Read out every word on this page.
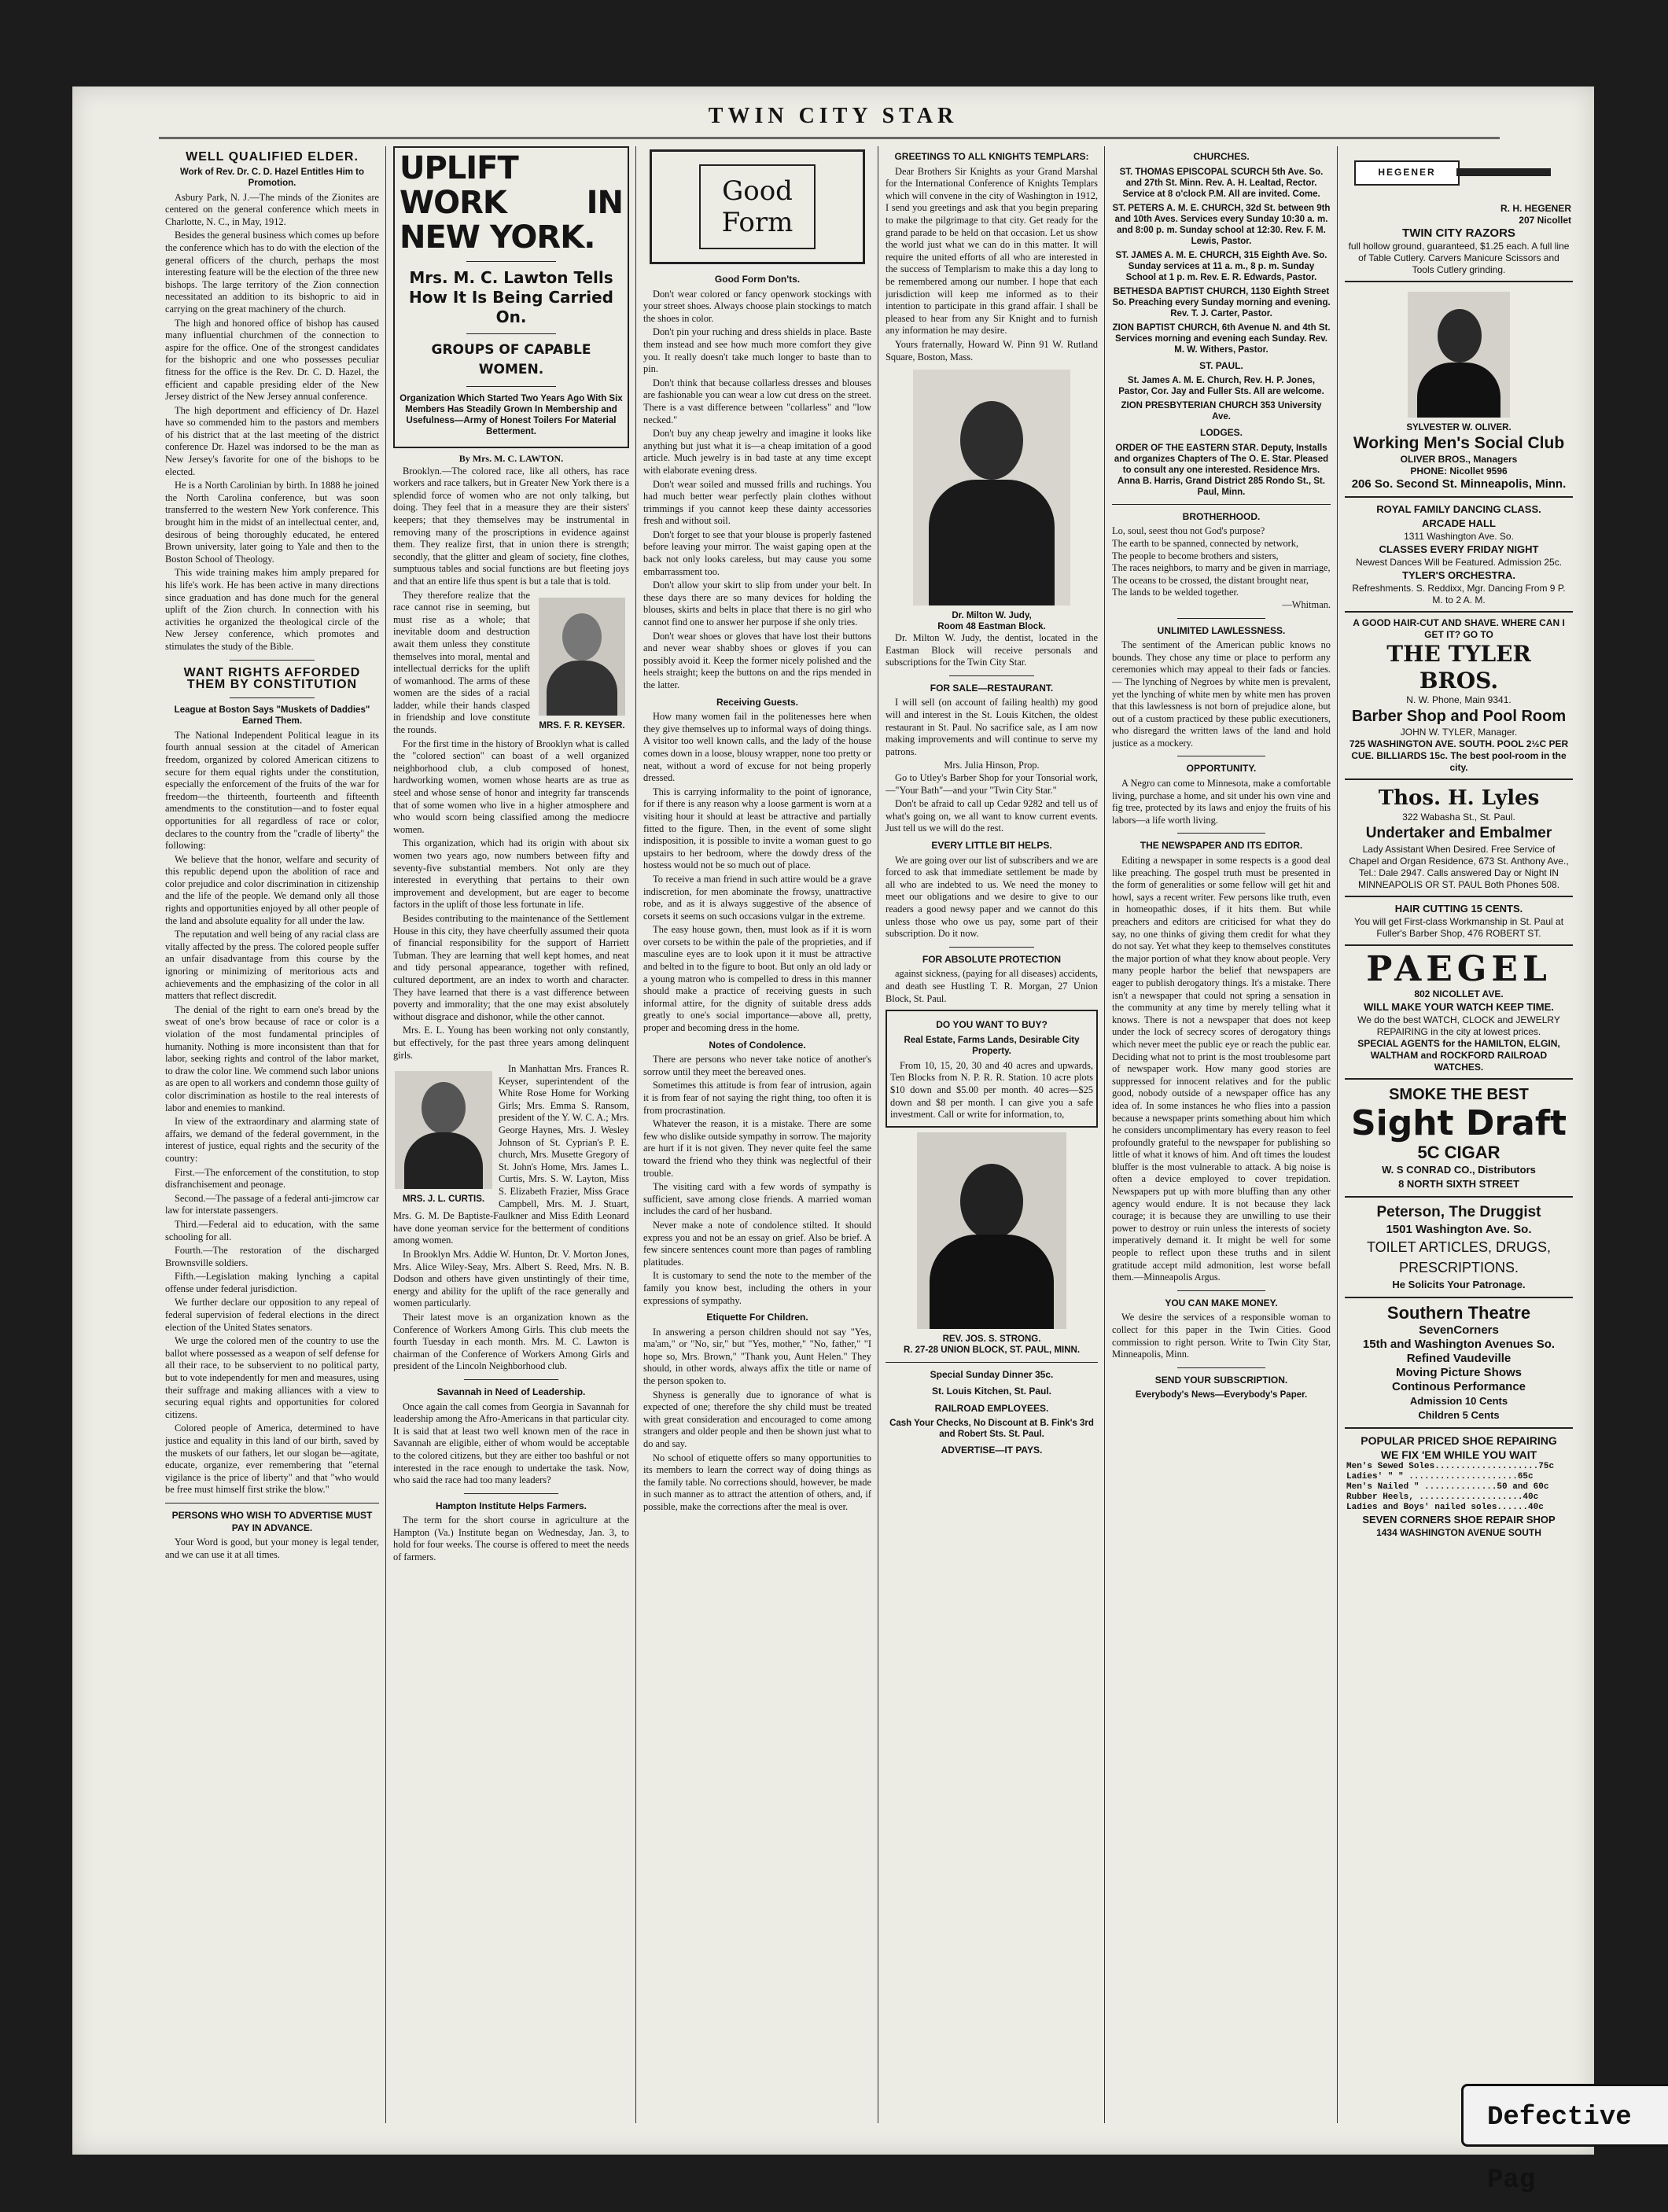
TWIN CITY STAR
WELL QUALIFIED ELDER.
Work of Rev. Dr. C. D. Hazel Entitles Him to Promotion.

Asbury Park, N. J.—The minds of the Zionites are centered on the general conference which meets in Charlotte, N. C., in May, 1912.

Besides the general business which comes up before the conference which has to do with the election of the general officers of the church, perhaps the most interesting feature will be the election of the three new bishops. The large territory of the Zion connection necessitated an addition to its bishopric to aid in carrying on the great machinery of the church.

The high and honored office of bishop has caused many influential churchmen of the connection to aspire for the office. One of the strongest candidates for the bishopric and one who possesses peculiar fitness for the office is the Rev. Dr. C. D. Hazel, the efficient and capable presiding elder of the New Jersey district of the New Jersey annual conference.

The high deportment and efficiency of Dr. Hazel have so commended him to the pastors and members of his district that at the last meeting of the district conference Dr. Hazel was indorsed to be the man as New Jersey's favorite for one of the bishops to be elected.

He is a North Carolinian by birth. In 1888 he joined the North Carolina conference, but was soon transferred to the western New York conference. This brought him in the midst of an intellectual center, and, desirous of being thoroughly educated, he entered Brown university, later going to Yale and then to the Boston School of Theology.

This wide training makes him amply prepared for his life's work. He has been active in many directions since graduation and has done much for the general uplift of the Zion church. In connection with his activities he organized the theological circle of the New Jersey conference, which promotes and stimulates the study of the Bible.

WANT RIGHTS AFFORDED THEM BY CONSTITUTION
League at Boston Says "Muskets of Daddies" Earned Them.

The National Independent Political league in its fourth annual session at the citadel of American freedom, organized by colored American citizens to secure for them equal rights under the constitution, especially the enforcement of the fruits of the war for freedom—the thirteenth, fourteenth and fifteenth amendments to the constitution—and to foster equal opportunities for all regardless of race or color, declares to the country from the "cradle of liberty" the following:

We believe that the honor, welfare and security of this republic depend upon the abolition of race and color prejudice and color discrimination in citizenship and the life of the people. We demand only all those rights and opportunities enjoyed by all other people of the land and absolute equality for all under the law.

The reputation and well being of any racial class are vitally affected by the press. The colored people suffer an unfair disadvantage from this course by the ignoring or minimizing of meritorious acts and achievements and the emphasizing of the color in all matters that reflect discredit.

The denial of the right to earn one's bread by the sweat of one's brow because of race or color is a violation of the most fundamental principles of humanity. Nothing is more inconsistent than that for labor, seeking rights and control of the labor market, to draw the color line. We commend such labor unions as are open to all workers and condemn those guilty of color discrimination as hostile to the real interests of labor and enemies to mankind.

In view of the extraordinary and alarming state of affairs, we demand of the federal government, in the interest of justice, equal rights and the security of the country:

First.—The enforcement of the constitution, to stop disfranchisement and peonage.

Second.—The passage of a federal anti-jimcrow car law for interstate passengers.

Third.—Federal aid to education, with the same schooling for all.

Fourth.—The restoration of the discharged Brownsville soldiers.

Fifth.—Legislation making lynching a capital offense under federal jurisdiction.

We further declare our opposition to any repeal of federal supervision of federal elections in the direct election of the United States senators.

We urge the colored men of the country to use the ballot where possessed as a weapon of self defense for all their race, to be subservient to no political party, but to vote independently for men and measures, using their suffrage and making alliances with a view to securing equal rights and opportunities for colored citizens.

Colored people of America, determined to have justice and equality in this land of our birth, saved by the muskets of our fathers, let our slogan be—agitate, educate, organize, ever remembering that "eternal vigilance is the price of liberty" and that "who would be free must himself first strike the blow."

PERSONS WHO WISH TO ADVERTISE MUST PAY IN ADVANCE.

Your Word is good, but your money is legal tender, and we can use it at all times.

UPLIFT WORK IN NEW YORK.
Mrs. M. C. Lawton Tells How It Is Being Carried On.
GROUPS OF CAPABLE WOMEN.
Organization Which Started Two Years Ago With Six Members Has Steadily Grown In Membership and Usefulness—Army of Honest Toilers For Material Betterment.
By Mrs. M. C. LAWTON.

Brooklyn.—The colored race, like all others, has race workers and race talkers, but in Greater New York there is a splendid force of women who are not only talking, but doing. They feel that in a measure they are their sisters' keepers; that they themselves may be instrumental in removing many of the proscriptions in evidence against them. They realize first, that in union there is strength; secondly, that the glitter and gleam of society, fine clothes, sumptuous tables and social functions are but fleeting joys and that an entire life thus spent is but a tale that is told.

MRS. F. R. KEYSER.

They therefore realize that the race cannot rise in seeming, but must rise as a whole; that inevitable doom and destruction await them unless they constitute themselves into moral, mental and intellectual derricks for the uplift of womanhood. The arms of these women are the sides of a racial ladder, while their hands clasped in friendship and love constitute the rounds.

For the first time in the history of Brooklyn what is called the "colored section" can boast of a well organized neighborhood club, a club composed of honest, hardworking women, women whose hearts are as true as steel and whose sense of honor and integrity far transcends that of some women who live in a higher atmosphere and who would scorn being classified among the mediocre women.

This organization, which had its origin with about six women two years ago, now numbers between fifty and seventy-five substantial members. Not only are they interested in everything that pertains to their own improvement and development, but are eager to become factors in the uplift of those less fortunate in life.

Besides contributing to the maintenance of the Settlement House in this city, they have cheerfully assumed their quota of financial responsibility for the support of Harriett Tubman. They are learning that well kept homes, and neat and tidy personal appearance, together with refined, cultured deportment, are an index to worth and character. They have learned that there is a vast difference between poverty and immorality; that the one may exist absolutely without disgrace and dishonor, while the other cannot.

Mrs. E. L. Young has been working not only constantly, but effectively, for the past three years among delinquent girls.

MRS. J. L. CURTIS.

In Manhattan Mrs. Frances R. Keyser, superintendent of the White Rose Home for Working Girls; Mrs. Emma S. Ransom, president of the Y. W. C. A.; Mrs. George Haynes, Mrs. J. Wesley Johnson of St. Cyprian's P. E. church, Mrs. Musette Gregory of St. John's Home, Mrs. James L. Curtis, Mrs. S. W. Layton, Miss S. Elizabeth Frazier, Miss Grace Campbell, Mrs. M. J. Stuart, Mrs. G. M. De Baptiste-Faulkner and Miss Edith Leonard have done yeoman service for the betterment of conditions among women.

In Brooklyn Mrs. Addie W. Hunton, Dr. V. Morton Jones, Mrs. Alice Wiley-Seay, Mrs. Albert S. Reed, Mrs. N. B. Dodson and others have given unstintingly of their time, energy and ability for the uplift of the race generally and women particularly.

Their latest move is an organization known as the Conference of Workers Among Girls. This club meets the fourth Tuesday in each month. Mrs. M. C. Lawton is chairman of the Conference of Workers Among Girls and president of the Lincoln Neighborhood club.

Savannah in Need of Leadership.

Once again the call comes from Georgia in Savannah for leadership among the Afro-Americans in that particular city. It is said that at least two well known men of the race in Savannah are eligible, either of whom would be acceptable to the colored citizens, but they are either too bashful or not interested in the race enough to undertake the task. Now, who said the race had too many leaders?

Hampton Institute Helps Farmers.

The term for the short course in agriculture at the Hampton (Va.) Institute began on Wednesday, Jan. 3, to hold for four weeks. The course is offered to meet the needs of farmers.

Good Form
Good Form Don'ts.

Don't wear colored or fancy openwork stockings with your street shoes. Always choose plain stockings to match the shoes in color.

Don't pin your ruching and dress shields in place. Baste them instead and see how much more comfort they give you. It really doesn't take much longer to baste than to pin.

Don't think that because collarless dresses and blouses are fashionable you can wear a low cut dress on the street. There is a vast difference between "collarless" and "low necked."

Don't buy any cheap jewelry and imagine it looks like anything but just what it is—a cheap imitation of a good article. Much jewelry is in bad taste at any time except with elaborate evening dress.

Don't wear soiled and mussed frills and ruchings. You had much better wear perfectly plain clothes without trimmings if you cannot keep these dainty accessories fresh and without soil.

Don't forget to see that your blouse is properly fastened before leaving your mirror. The waist gaping open at the back not only looks careless, but may cause you some embarrassment too.

Don't allow your skirt to slip from under your belt. In these days there are so many devices for holding the blouses, skirts and belts in place that there is no girl who cannot find one to answer her purpose if she only tries.

Don't wear shoes or gloves that have lost their buttons and never wear shabby shoes or gloves if you can possibly avoid it. Keep the former nicely polished and the heels straight; keep the buttons on and the rips mended in the latter.

Receiving Guests.

How many women fail in the politenesses here when they give themselves up to informal ways of doing things. A visitor too well known calls, and the lady of the house comes down in a loose, blousy wrapper, none too pretty or neat, without a word of excuse for not being properly dressed.

This is carrying informality to the point of ignorance, for if there is any reason why a loose garment is worn at a visiting hour it should at least be attractive and partially fitted to the figure. Then, in the event of some slight indisposition, it is possible to invite a woman guest to go upstairs to her bedroom, where the dowdy dress of the hostess would not be so much out of place.

To receive a man friend in such attire would be a grave indiscretion, for men abominate the frowsy, unattractive robe, and as it is always suggestive of the absence of corsets it seems on such occasions vulgar in the extreme.

The easy house gown, then, must look as if it is worn over corsets to be within the pale of the proprieties, and if masculine eyes are to look upon it it must be attractive and belted in to the figure to boot. But only an old lady or a young matron who is compelled to dress in this manner should make a practice of receiving guests in such informal attire, for the dignity of suitable dress adds greatly to one's social importance—above all, pretty, proper and becoming dress in the home.

Notes of Condolence.

There are persons who never take notice of another's sorrow until they meet the bereaved ones.

Sometimes this attitude is from fear of intrusion, again it is from fear of not saying the right thing, too often it is from procrastination.

Whatever the reason, it is a mistake. There are some few who dislike outside sympathy in sorrow. The majority are hurt if it is not given. They never quite feel the same toward the friend who they think was neglectful of their trouble.

The visiting card with a few words of sympathy is sufficient, save among close friends. A married woman includes the card of her husband.

Never make a note of condolence stilted. It should express you and not be an essay on grief. Also be brief. A few sincere sentences count more than pages of rambling platitudes.

It is customary to send the note to the member of the family you know best, including the others in your expressions of sympathy.

Etiquette For Children.

In answering a person children should not say "Yes, ma'am," or "No, sir," but "Yes, mother," "No, father," "I hope so, Mrs. Brown," "Thank you, Aunt Helen." They should, in other words, always affix the title or name of the person spoken to.

Shyness is generally due to ignorance of what is expected of one; therefore the shy child must be treated with great consideration and encouraged to come among strangers and older people and then be shown just what to do and say.

No school of etiquette offers so many opportunities to its members to learn the correct way of doing things as the family table. No corrections should, however, be made in such manner as to attract the attention of others, and, if possible, make the corrections after the meal is over.

GREETINGS TO ALL KNIGHTS TEMPLARS:

Dear Brothers Sir Knights as your Grand Marshal for the International Conference of Knights Templars which will convene in the city of Washington in 1912, I send you greetings and ask that you begin preparing to make the pilgrimage to that city. Get ready for the grand parade to be held on that occasion. Let us show the world just what we can do in this matter. It will require the united efforts of all who are interested in the success of Templarism to make this a day long to be remembered among our number. I hope that each jurisdiction will keep me informed as to their intention to participate in this grand affair. I shall be pleased to hear from any Sir Knight and to furnish any information he may desire.

Yours fraternally, Howard W. Pinn 91 W. Rutland Square, Boston, Mass.

Dr. Milton W. Judy,
Room 48 Eastman Block.

Dr. Milton W. Judy, the dentist, located in the Eastman Block will receive personals and subscriptions for the Twin City Star.

FOR SALE—RESTAURANT.

I will sell (on account of failing health) my good will and interest in the St. Louis Kitchen, the oldest restaurant in St. Paul. No sacrifice sale, as I am now making improvements and will continue to serve my patrons.

Mrs. Julia Hinson, Prop.

Go to Utley's Barber Shop for your Tonsorial work,—"Your Bath"—and your "Twin City Star."

Don't be afraid to call up Cedar 9282 and tell us of what's going on, we all want to know current events. Just tell us we will do the rest.

EVERY LITTLE BIT HELPS.

We are going over our list of subscribers and we are forced to ask that immediate settlement be made by all who are indebted to us. We need the money to meet our obligations and we desire to give to our readers a good newsy paper and we cannot do this unless those who owe us pay, some part of their subscription. Do it now.

FOR ABSOLUTE PROTECTION

against sickness, (paying for all diseases) accidents, and death see Hustling T. R. Morgan, 27 Union Block, St. Paul.

DO YOU WANT TO BUY?
Real Estate, Farms Lands, Desirable City Property.

From 10, 15, 20, 30 and 40 acres and upwards, Ten Blocks from N. P. R. R. Station. 10 acre plots $10 down and $5.00 per month. 40 acres—$25 down and $8 per month. I can give you a safe investment. Call or write for information, to,

REV. JOS. S. STRONG.
R. 27-28 UNION BLOCK, ST. PAUL, MINN.
Special Sunday Dinner 35c.
St. Louis Kitchen, St. Paul.
RAILROAD EMPLOYEES.
Cash Your Checks, No Discount at B. Fink's 3rd and Robert Sts. St. Paul.
ADVERTISE—IT PAYS.
CHURCHES.
ST. THOMAS EPISCOPAL SCURCH 5th Ave. So. and 27th St. Minn. Rev. A. H. Lealtad, Rector. Service at 8 o'clock P.M. All are invited. Come.
ST. PETERS A. M. E. CHURCH, 32d St. between 9th and 10th Aves. Services every Sunday 10:30 a. m. and 8:00 p. m. Sunday school at 12:30. Rev. F. M. Lewis, Pastor.
ST. JAMES A. M. E. CHURCH, 315 Eighth Ave. So. Sunday services at 11 a. m., 8 p. m. Sunday School at 1 p. m. Rev. E. R. Edwards, Pastor.
BETHESDA BAPTIST CHURCH, 1130 Eighth Street So. Preaching every Sunday morning and evening. Rev. T. J. Carter, Pastor.
ZION BAPTIST CHURCH, 6th Avenue N. and 4th St. Services morning and evening each Sunday. Rev. M. W. Withers, Pastor.
ST. PAUL.
St. James A. M. E. Church, Rev. H. P. Jones, Pastor, Cor. Jay and Fuller Sts. All are welcome.
ZION PRESBYTERIAN CHURCH 353 University Ave.
LODGES.
ORDER OF THE EASTERN STAR. Deputy, Installs and organizes Chapters of The O. E. Star. Pleased to consult any one interested. Residence Mrs. Anna B. Harris, Grand District 285 Rondo St., St. Paul, Minn.
BROTHERHOOD.

Lo, soul, seest thou not God's purpose?

The earth to be spanned, connected by network,

The people to become brothers and sisters,

The races neighbors, to marry and be given in marriage,

The oceans to be crossed, the distant brought near,

The lands to be welded together.

—Whitman.

UNLIMITED LAWLESSNESS.

The sentiment of the American public knows no bounds. They chose any time or place to perform any ceremonies which may appeal to their fads or fancies. — The lynching of Negroes by white men is prevalent, yet the lynching of white men by white men has proven that this lawlessness is not born of prejudice alone, but out of a custom practiced by these public executioners, who disregard the written laws of the land and hold justice as a mockery.

OPPORTUNITY.

A Negro can come to Minnesota, make a comfortable living, purchase a home, and sit under his own vine and fig tree, protected by its laws and enjoy the fruits of his labors—a life worth living.

THE NEWSPAPER AND ITS EDITOR.

Editing a newspaper in some respects is a good deal like preaching. The gospel truth must be presented in the form of generalities or some fellow will get hit and howl, says a recent writer. Few persons like truth, even in homeopathic doses, if it hits them. But while preachers and editors are criticised for what they do say, no one thinks of giving them credit for what they do not say. Yet what they keep to themselves constitutes the major portion of what they know about people. Very many people harbor the belief that newspapers are eager to publish derogatory things. It's a mistake. There isn't a newspaper that could not spring a sensation in the community at any time by merely telling what it knows. There is not a newspaper that does not keep under the lock of secrecy scores of derogatory things which never meet the public eye or reach the public ear. Deciding what not to print is the most troublesome part of newspaper work. How many good stories are suppressed for innocent relatives and for the public good, nobody outside of a newspaper office has any idea of. In some instances he who flies into a passion because a newspaper prints something about him which he considers uncomplimentary has every reason to feel profoundly grateful to the newspaper for publishing so little of what it knows of him. And oft times the loudest bluffer is the most vulnerable to attack. A big noise is often a device employed to cover trepidation. Newspapers put up with more bluffing than any other agency would endure. It is not because they lack courage; it is because they are unwilling to use their power to destroy or ruin unless the interests of society imperatively demand it. It might be well for some people to reflect upon these truths and in silent gratitude accept mild admonition, lest worse befall them.—Minneapolis Argus.

YOU CAN MAKE MONEY.

We desire the services of a responsible woman to collect for this paper in the Twin Cities. Good commission to right person. Write to Twin City Star, Minneapolis, Minn.

SEND YOUR SUBSCRIPTION.
Everybody's News—Everybody's Paper.
HEGENER
R. H. HEGENER
207 Nicollet
TWIN CITY RAZORS
full hollow ground, guaranteed, $1.25 each. A full line of Table Cutlery. Carvers Manicure Scissors and Tools Cutlery grinding.
SYLVESTER W. OLIVER.
Working Men's Social Club
OLIVER BROS., Managers
PHONE: Nicollet 9596
206 So. Second St. Minneapolis, Minn.
ROYAL FAMILY DANCING CLASS.
ARCADE HALL
1311 Washington Ave. So.
CLASSES EVERY FRIDAY NIGHT
Newest Dances Will be Featured. Admission 25c.
TYLER'S ORCHESTRA.
Refreshments. S. Reddixx, Mgr. Dancing From 9 P. M. to 2 A. M.
A GOOD HAIR-CUT AND SHAVE. WHERE CAN I GET IT? GO TO
THE TYLER BROS.
N. W. Phone, Main 9341.
Barber Shop and Pool Room
JOHN W. TYLER, Manager.
725 WASHINGTON AVE. SOUTH. POOL 2½C PER CUE. BILLIARDS 15c. The best pool-room in the city.
Thos. H. Lyles
322 Wabasha St., St. Paul.
Undertaker and Embalmer
Lady Assistant When Desired. Free Service of Chapel and Organ Residence, 673 St. Anthony Ave., Tel.: Dale 2947. Calls answered Day or Night IN MINNEAPOLIS OR ST. PAUL Both Phones 508.
HAIR CUTTING 15 CENTS.
You will get First-class Workmanship in St. Paul at Fuller's Barber Shop, 476 ROBERT ST.
PAEGEL
802 NICOLLET AVE.
WILL MAKE YOUR WATCH KEEP TIME.
We do the best WATCH, CLOCK and JEWELRY REPAIRING in the city at lowest prices.
SPECIAL AGENTS for the HAMILTON, ELGIN, WALTHAM and ROCKFORD RAILROAD WATCHES.
SMOKE THE BEST
Sight Draft
5C CIGAR
W. S CONRAD CO., Distributors
8 NORTH SIXTH STREET
Peterson, The Druggist
1501 Washington Ave. So.
TOILET ARTICLES, DRUGS, PRESCRIPTIONS.
He Solicits Your Patronage.
Southern Theatre
SevenCorners
15th and Washington Avenues So.
Refined Vaudeville
Moving Picture Shows
Continous Performance
Admission 10 Cents
Children 5 Cents
POPULAR PRICED SHOE REPAIRING
WE FIX 'EM WHILE YOU WAIT
Men's Sewed Soles....................75c
Ladies' " " .....................65c
Men's Nailed " ..............50 and 60c
Rubber Heels, ....................40c
Ladies and Boys' nailed soles......40c
SEVEN CORNERS SHOE REPAIR SHOP
1434 WASHINGTON AVENUE SOUTH
Defective Pag
